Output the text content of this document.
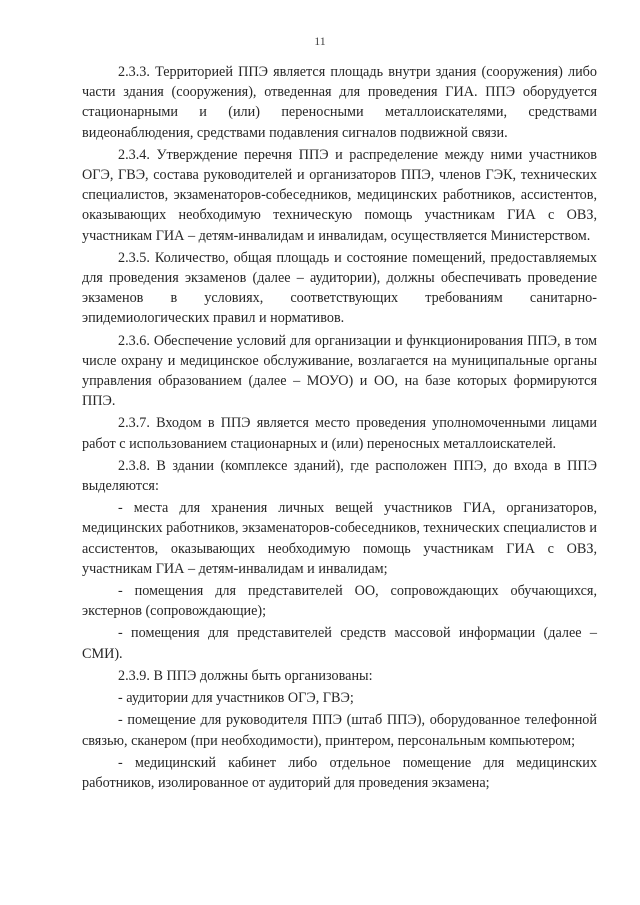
11

2.3.3. Территорией ППЭ является площадь внутри здания (сооружения) либо части здания (сооружения), отведенная для проведения ГИА. ППЭ оборудуется стационарными и (или) переносными металлоискателями, средствами видеонаблюдения, средствами подавления сигналов подвижной связи.

2.3.4. Утверждение перечня ППЭ и распределение между ними участников ОГЭ, ГВЭ, состава руководителей и организаторов ППЭ, членов ГЭК, технических специалистов, экзаменаторов-собеседников, медицинских работников, ассистентов, оказывающих необходимую техническую помощь участникам ГИА с ОВЗ, участникам ГИА – детям-инвалидам и инвалидам, осуществляется Министерством.

2.3.5. Количество, общая площадь и состояние помещений, предоставляемых для проведения экзаменов (далее – аудитории), должны обеспечивать проведение экзаменов в условиях, соответствующих требованиям санитарно-эпидемиологических правил и нормативов.

2.3.6. Обеспечение условий для организации и функционирования ППЭ, в том числе охрану и медицинское обслуживание, возлагается на муниципальные органы управления образованием (далее – МОУО) и ОО, на базе которых формируются ППЭ.

2.3.7. Входом в ППЭ является место проведения уполномоченными лицами работ с использованием стационарных и (или) переносных металлоискателей.

2.3.8. В здании (комплексе зданий), где расположен ППЭ, до входа в ППЭ выделяются:

- места для хранения личных вещей участников ГИА, организаторов, медицинских работников, экзаменаторов-собеседников, технических специалистов и ассистентов, оказывающих необходимую помощь участникам ГИА с ОВЗ, участникам ГИА – детям-инвалидам и инвалидам;

- помещения для представителей ОО, сопровождающих обучающихся, экстернов (сопровождающие);

- помещения для представителей средств массовой информации (далее – СМИ).

2.3.9. В ППЭ должны быть организованы:

- аудитории для участников ОГЭ, ГВЭ;

- помещение для руководителя ППЭ (штаб ППЭ), оборудованное телефонной связью, сканером (при необходимости), принтером, персональным компьютером;

- медицинский кабинет либо отдельное помещение для медицинских работников, изолированное от аудиторий для проведения экзамена;
